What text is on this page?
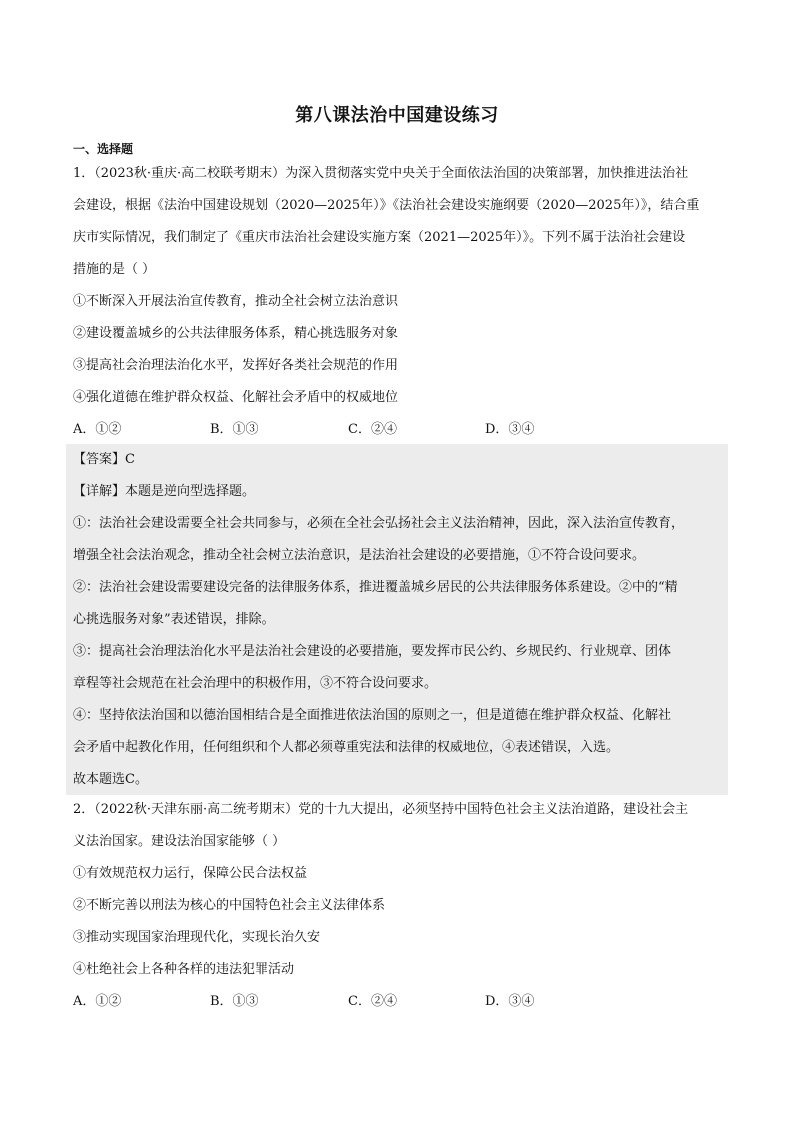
第八课法治中国建设练习
一、选择题
1．（2023秋·重庆·高二校联考期末）为深入贯彻落实党中央关于全面依法治国的决策部署，加快推进法治社
会建设，根据《法治中国建设规划（2020—2025年）》《法治社会建设实施纲要（2020—2025年）》，结合重
庆市实际情况，我们制定了《重庆市法治社会建设实施方案（2021—2025年）》。下列不属于法治社会建设
措施的是（ ）
①不断深入开展法治宣传教育，推动全社会树立法治意识
②建设覆盖城乡的公共法律服务体系，精心挑选服务对象
③提高社会治理法治化水平，发挥好各类社会规范的作用
④强化道德在维护群众权益、化解社会矛盾中的权威地位
A．①②	B．①③	C．②④	D．③④
【答案】C
【详解】本题是逆向型选择题。
①：法治社会建设需要全社会共同参与，必须在全社会弘扬社会主义法治精神，因此，深入法治宣传教育，
增强全社会法治观念，推动全社会树立法治意识，是法治社会建设的必要措施，①不符合设问要求。
②：法治社会建设需要建设完备的法律服务体系，推进覆盖城乡居民的公共法律服务体系建设。②中的“精
心挑选服务对象”表述错误，排除。
③：提高社会治理法治化水平是法治社会建设的必要措施，要发挥市民公约、乡规民约、行业规章、团体
章程等社会规范在社会治理中的积极作用，③不符合设问要求。
④：坚持依法治国和以德治国相结合是全面推进依法治国的原则之一，但是道德在维护群众权益、化解社
会矛盾中起教化作用，任何组织和个人都必须尊重宪法和法律的权威地位，④表述错误，入选。
故本题选C。
2．（2022秋·天津东丽·高二统考期末）党的十九大提出，必须坚持中国特色社会主义法治道路，建设社会主
义法治国家。建设法治国家能够（ ）
①有效规范权力运行，保障公民合法权益
②不断完善以刑法为核心的中国特色社会主义法律体系
③推动实现国家治理现代化，实现长治久安
④杜绝社会上各种各样的违法犯罪活动
A．①②	B．①③	C．②④	D．③④
